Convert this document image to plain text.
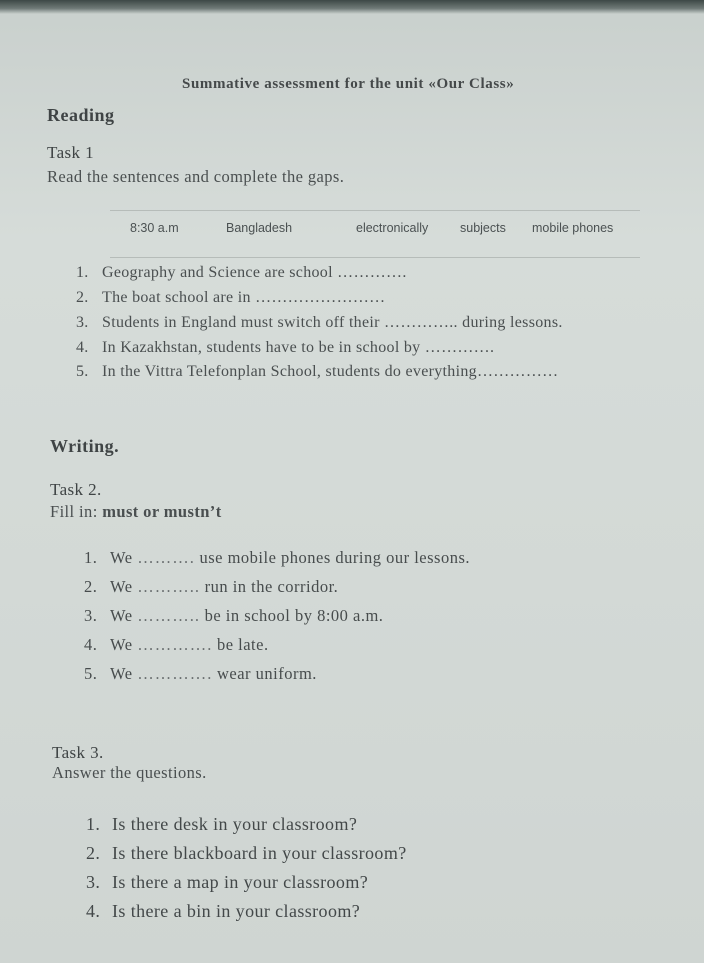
Summative assessment for the unit «Our Class»
Reading
Task 1
Read the sentences and complete the gaps.
8:30 a.m	Bangladesh	electronically	subjects mobile phones
1. Geography and Science are school ………….
2. The boat school are in ……………………
3. Students in England must switch off their ………….. during lessons.
4. In Kazakhstan, students have to be in school by ………….
5. In the Vittra Telefonplan School, students do everything……………
Writing.
Task 2.
Fill in: must or mustn’t
1. We ………. use mobile phones during our lessons.
2. We ……….. run in the corridor.
3. We ……….. be in school by 8:00 a.m.
4. We …………. be late.
5. We …………. wear uniform.
Task 3.
Answer the questions.
1. Is there desk in your classroom?
2. Is there blackboard in your classroom?
3. Is there a map in your classroom?
4. Is there a bin in your classroom?
